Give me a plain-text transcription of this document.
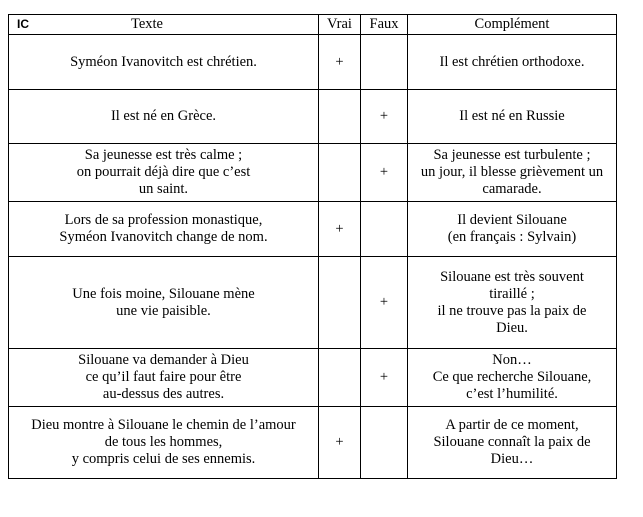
IC Texte	Vrai	Faux	Complément

Syméon Ivanovitch est chrétien.	+		Il est chrétien orthodoxe.

Il est né en Grèce.		+	Il est né en Russie

Sa jeunesse est très calme ;
on pourrait déjà dire que c’est
un saint.		+	Sa jeunesse est turbulente ;
un jour, il blesse grièvement un
camarade.

Lors de sa profession monastique,
Syméon Ivanovitch change de nom.	+		Il devient Silouane
(en français : Sylvain)

Une fois moine, Silouane mène
une vie paisible.		+	Silouane est très souvent
tiraillé ;
il ne trouve pas la paix de
Dieu.

Silouane va demander à Dieu
ce qu’il faut faire pour être
au-dessus des autres.		+	Non…
Ce que recherche Silouane,
c’est l’humilité.

Dieu montre à Silouane le chemin de l’amour
de tous les hommes,
y compris celui de ses ennemis.	+		A partir de ce moment,
Silouane connaît la paix de
Dieu…
